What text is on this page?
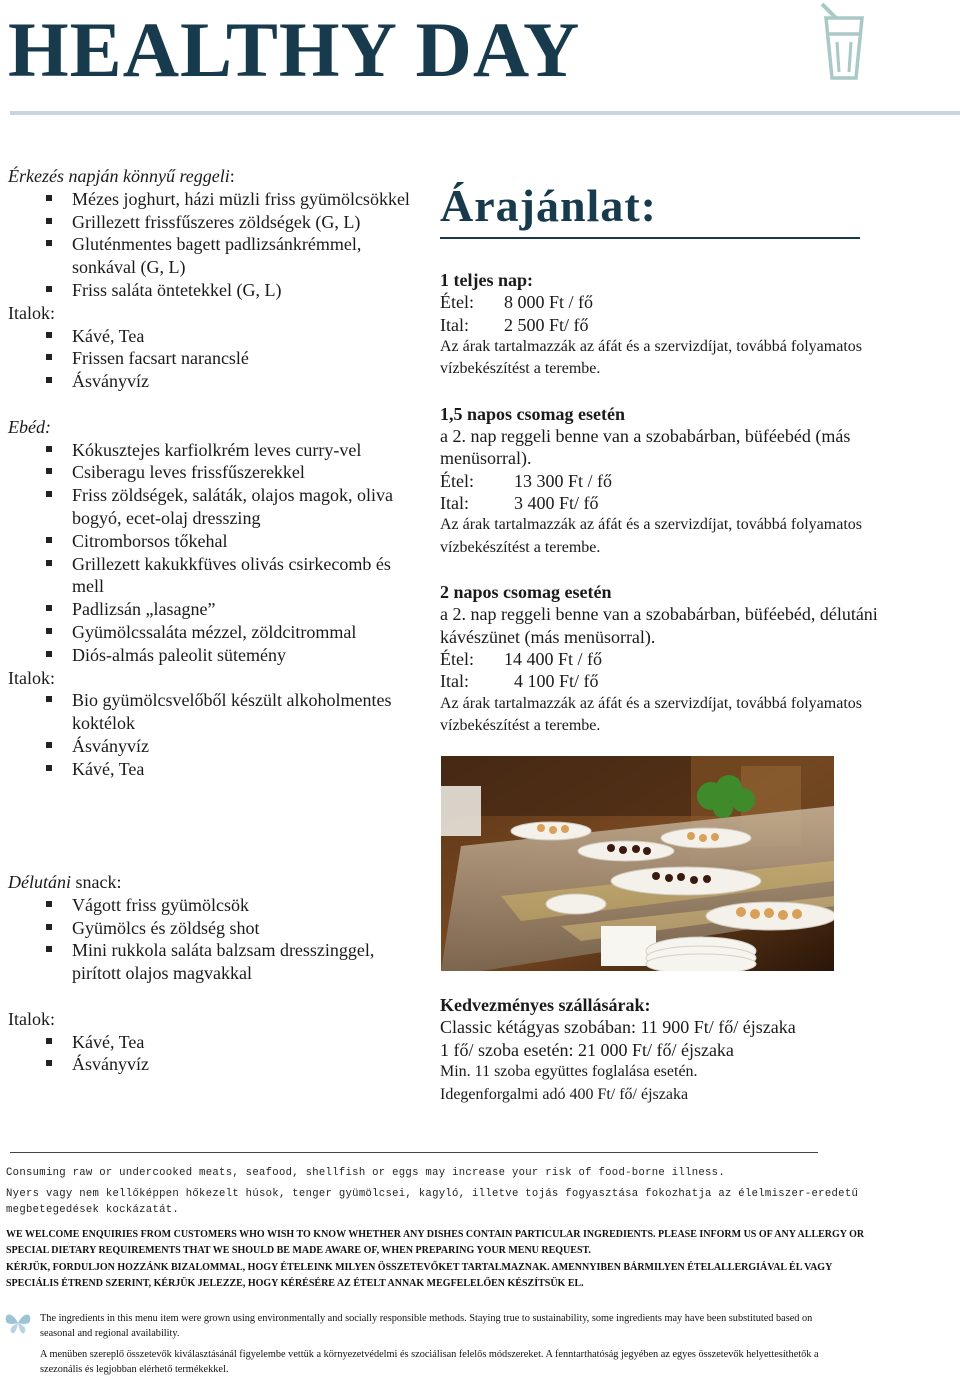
HEALTHY DAY
Érkezés napján könnyű reggeli:
Mézes joghurt, házi müzli friss gyümölcsökkel
Grillezett frissfűszeres zöldségek (G, L)
Gluténmentes bagett padlizsánkrémmel, sonkával (G, L)
Friss saláta öntetekkel (G, L)
Italok:
Kávé, Tea
Frissen facsart narancslé
Ásványvíz
Ebéd:
Kókusztejes karfiolkrém leves curry-vel
Csiberagu leves frissfűszerekkel
Friss zöldségek, saláták, olajos magok, oliva bogyó, ecet-olaj dresszing
Citromborsos tőkehal
Grillezett kakukkfüves olivás csirkecomb és mell
Padlizsán „lasagne”
Gyümölcssaláta mézzel, zöldcitrommal
Diós-almás paleolit sütemény
Italok:
Bio gyümölcsvelőből készült alkoholmentes koktélok
Ásványvíz
Kávé, Tea
Délutáni snack:
Vágott friss gyümölcsök
Gyümölcs és zöldség shot
Mini rukkola saláta balzsam dresszinggel, pirított olajos magvakkal
Italok:
Kávé, Tea
Ásványvíz
Árajánlat:
1 teljes nap:
Étel: 8 000 Ft / fő
Ital: 2 500 Ft/ fő
Az árak tartalmazzák az áfát és a szervizdíjat, továbbá folyamatos vízbekészítést a terembe.
1,5 napos csomag esetén
a 2. nap reggeli benne van a szobabárban, büféebéd (más menüsorral).
Étel: 13 300 Ft / fő
Ital:	3 400 Ft/ fő
Az árak tartalmazzák az áfát és a szervizdíjat, továbbá folyamatos vízbekészítést a terembe.
2 napos csomag esetén
a 2. nap reggeli benne van a szobabárban, büféebéd, délutáni kávészünet (más menüsorral).
Étel: 14 400 Ft / fő
Ital:	4 100 Ft/ fő
Az árak tartalmazzák az áfát és a szervizdíjat, továbbá folyamatos vízbekészítést a terembe.
Kedvezményes szállásárak:
Classic kétágyas szobában: 11 900 Ft/ fő/ éjszaka
1 fő/ szoba esetén: 21 000 Ft/ fő/ éjszaka
Min. 11 szoba együttes foglalása esetén.
Idegenforgalmi adó 400 Ft/ fő/ éjszaka
Consuming raw or undercooked meats, seafood, shellfish or eggs may increase your risk of food-borne illness.
Nyers vagy nem kellőképpen hőkezelt húsok, tenger gyümölcsei, kagyló, illetve tojás fogyasztása fokozhatja az élelmiszer-eredetű megbetegedések kockázatát.
WE WELCOME ENQUIRIES FROM CUSTOMERS WHO WISH TO KNOW WHETHER ANY DISHES CONTAIN PARTICULAR INGREDIENTS. PLEASE INFORM US OF ANY ALLERGY OR SPECIAL DIETARY REQUIREMENTS THAT WE SHOULD BE MADE AWARE OF, WHEN PREPARING YOUR MENU REQUEST.
KÉRJÜK, FORDULJON HOZZÁNK BIZALOMMAL, HOGY ÉTELEINK MILYEN ÖSSZETEVŐKET TARTALMAZNAK. AMENNYIBEN BÁRMILYEN ÉTELALLERGIÁVAL ÉL VAGY SPECIÁLIS ÉTREND SZERINT, KÉRJÜK JELEZZE, HOGY KÉRÉSÉRE AZ ÉTELT ANNAK MEGFELELŐEN KÉSZÍTSÜK EL.
The ingredients in this menu item were grown using environmentally and socially responsible methods. Staying true to sustainability, some ingredients may have been substituted based on seasonal and regional availability.
A menüben szereplő összetevők kiválasztásánál figyelembe vettük a környezetvédelmi és szociálisan felelős módszereket. A fenntarthatóság jegyében az egyes összetevők helyettesíthetők a szezonális és legjobban elérhető termékekkel.
